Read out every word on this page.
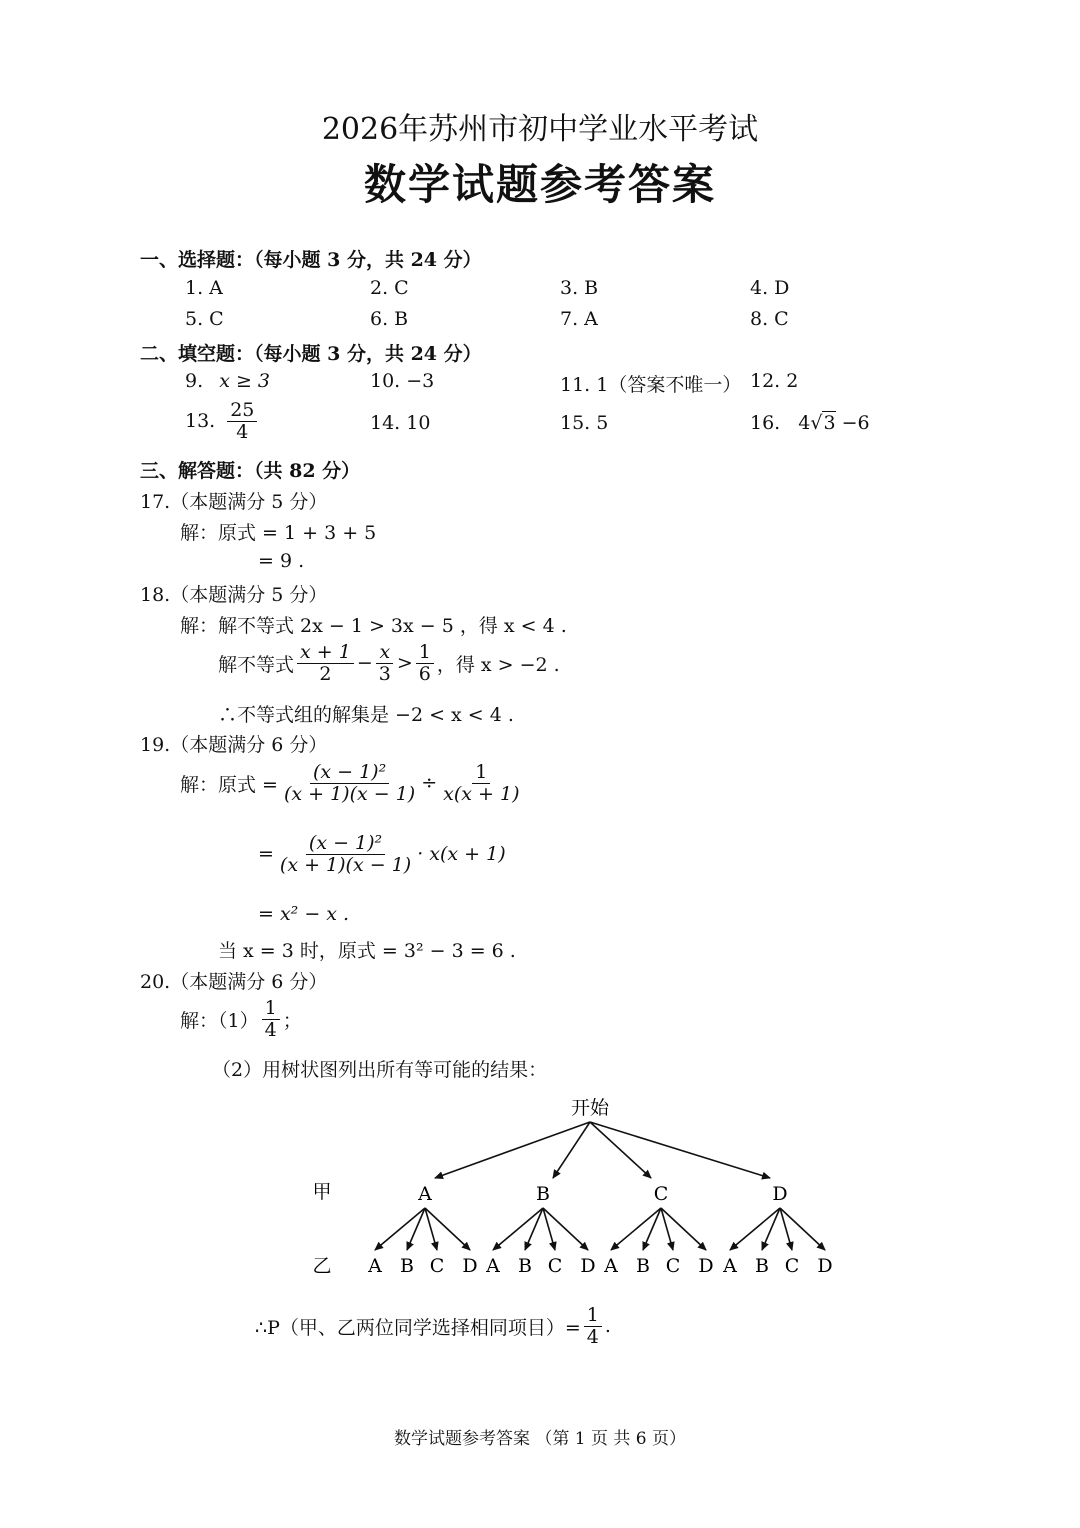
2026年苏州市初中学业水平考试
数学试题参考答案
一、选择题：（每小题 3 分，共 24 分）
1. A	2. C	3. B	4. D
5. C	6. B	7. A	8. C
二、填空题：（每小题 3 分，共 24 分）
9. x ≥ 3	10. −3	11. 1（答案不唯一） 12. 2
13. $\frac{25}{4}$	14. 10	15. 5	16. 4√3 −6
三、解答题：（共 82 分）
17.（本题满分 5 分）
解：原式 = 1 + 3 + 5
= 9 .
18.（本题满分 5 分）
解：解不等式 2x − 1 > 3x − 5 ，得 x < 4 .
解不等式 $\frac{x + 1}{2} - \frac{x}{3} > \frac{1}{6}$ ，得 x > −2 .
∴不等式组的解集是 −2 < x < 4 .
19.（本题满分 6 分）
解：原式 = $\frac{\text{(x − 1)²}}{(x + 1)(x - 1)} \div \frac{1}{x(x + 1)}$
= $\frac{\text{(x − 1)²}}{(x + 1)(x - 1)} \cdot x(x + 1)$
= x² − x .
当 x = 3 时，原式 = 3² − 3 = 6 .
20.（本题满分 6 分）
解：$(1) \frac{1}{4}$ ；
（2）用树状图列出所有等可能的结果：
开始
甲
乙
A
A B C D
B
A B C D
C
A B C D
D
A B C D
∴P（甲、乙两位同学选择相同项目）= $\frac{1}{4}$ .
数学试题参考答案 （第 1 页 共 6 页）
